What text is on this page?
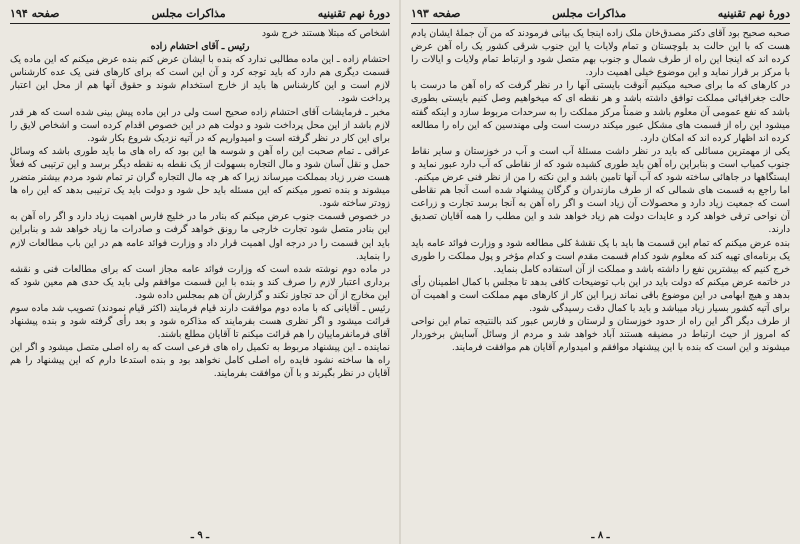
دورهٔ نهم تقنینیه
مذاکرات مجلس
صفحه ۱۹۳

صحبه صحیح بود آقای دکتر مصدق‌خان ملک زاده اینجا یک بیانی فرمودند که من آن جملهٔ ایشان یادم هست که با این حالت بد بلوچستان و تمام ولایات یا این جنوب شرقی کشور یک راه آهن عرض کرده اند که اینجا این راه از طرف شمال و جنوب بهم متصل شود و ارتباط تمام ولایات و ایالات را با مرکز بر قرار نماید و این موضوع خیلی اهمیت دارد.

در کارهای که ما برای صحبه میکنیم آنوقت بایستی آنها را در نظر گرفت که راه آهن ما درست با حالت جغرافیائی مملکت توافق داشته باشد و هر نقطه ای که میخواهیم وصل کنیم بایستی بطوری باشد که نفع عمومی آن معلوم باشد و ضمناً مرکز مملکت را به سرحدات مربوط سازد و اینکه گفته میشود این راه از قسمت های مشکل عبور میکند درست است ولی مهندسین که این راه را مطالعه کرده اند اظهار کرده اند که امکان دارد.

یکی از مهمترین مسائلی که باید در نظر داشت مسئلهٔ آب است و آب در خوزستان و سایر نقاط جنوب کمیاب است و بنابراین راه آهن باید طوری کشیده شود که از نقاطی که آب دارد عبور نماید و ایستگاهها در جاهائی ساخته شود که آب آنها تامین باشد و این نکته را من از نظر فنی عرض میکنم.

اما راجع به قسمت های شمالی که از طرف مازندران و گرگان پیشنهاد شده است آنجا هم نقاطی است که جمعیت زیاد دارد و محصولات آن زیاد است و اگر راه آهن به آنجا برسد تجارت و زراعت آن نواحی ترقی خواهد کرد و عایدات دولت هم زیاد خواهد شد و این مطلب را همه آقایان تصدیق دارند.

بنده عرض میکنم که تمام این قسمت ها باید با یک نقشهٔ کلی مطالعه شود و وزارت فوائد عامه باید یک برنامه‌ای تهیه کند که معلوم شود کدام قسمت مقدم است و کدام مؤخر و پول مملکت را طوری خرج کنیم که بیشترین نفع را داشته باشد و مملکت از آن استفاده کامل بنماید.

در خاتمه عرض میکنم که دولت باید در این باب توضیحات کافی بدهد تا مجلس با کمال اطمینان رأی بدهد و هیچ ابهامی در این موضوع باقی نماند زیرا این کار از کارهای مهم مملکت است و اهمیت آن برای آتیه کشور بسیار زیاد میباشد و باید با کمال دقت رسیدگی شود.

از طرف دیگر اگر این راه از حدود خوزستان و لرستان و فارس عبور کند بالنتیجه تمام این نواحی که امروز از حیث ارتباط در مضیقه هستند آباد خواهد شد و مردم از وسائل آسایش برخوردار میشوند و این است که بنده با این پیشنهاد موافقم و امیدوارم آقایان هم موافقت فرمایند.

ـ ۸ ـ
دورهٔ نهم تقنینیه
مذاکرات مجلس
صفحه ۱۹۴

اشخاص که مبتلا هستند خرج شود

رئیس ـ آقای احتشام زاده

احتشام زاده ـ این ماده مطالبی ندارد که بنده با ایشان عرض کنم بنده عرض میکنم که این ماده یک قسمت دیگری هم دارد که باید توجه کرد و آن این است که برای کارهای فنی یک عده کارشناس لازم است و این کارشناس ها باید از خارج استخدام شوند و حقوق آنها هم از محل این اعتبار پرداخت شود.

مخبر ـ فرمایشات آقای احتشام زاده صحیح است ولی در این ماده پیش بینی شده است که هر قدر لازم باشد از این محل پرداخت شود و دولت هم در این خصوص اقدام کرده است و اشخاص لایق را برای این کار در نظر گرفته است و امیدواریم که در آتیه نزدیک شروع بکار شود.

عراقی ـ تمام صحبت این راه آهن و شوسه ها این بود که راه های ما باید طوری باشد که وسائل حمل و نقل آسان شود و مال التجاره بسهولت از یک نقطه به نقطه دیگر برسد و این ترتیبی که فعلاً هست ضرر زیاد بمملکت میرساند زیرا که هر چه مال التجاره گران تر تمام شود مردم بیشتر متضرر میشوند و بنده تصور میکنم که این مسئله باید حل شود و دولت باید یک ترتیبی بدهد که این راه ها زودتر ساخته شود.

در خصوص قسمت جنوب عرض میکنم که بنادر ما در خلیج فارس اهمیت زیاد دارد و اگر راه آهن به این بنادر متصل شود تجارت خارجی ما رونق خواهد گرفت و صادرات ما زیاد خواهد شد و بنابراین باید این قسمت را در درجه اول اهمیت قرار داد و وزارت فوائد عامه هم در این باب مطالعات لازم را بنماید.

در ماده دوم نوشته شده است که وزارت فوائد عامه مجاز است که برای مطالعات فنی و نقشه برداری اعتبار لازم را صرف کند و بنده با این قسمت موافقم ولی باید یک حدی هم معین شود که این مخارج از آن حد تجاوز نکند و گزارش آن هم بمجلس داده شود.

رئیس ـ آقایانی که با ماده دوم موافقت دارند قیام فرمایند (اکثر قیام نمودند) تصویب شد ماده سوم قرائت میشود و اگر نظری هست بفرمایند که مذاکره شود و بعد رأی گرفته شود و بنده پیشنهاد آقای فرمانفرماییان را هم قرائت میکنم تا آقایان مطلع باشند.

نماینده ـ این پیشنهاد مربوط به تکمیل راه های فرعی است که به راه اصلی متصل میشود و اگر این راه ها ساخته نشود فایده راه اصلی کامل نخواهد بود و بنده استدعا دارم که این پیشنهاد را هم آقایان در نظر بگیرند و با آن موافقت بفرمایند.

ـ ۹ ـ
